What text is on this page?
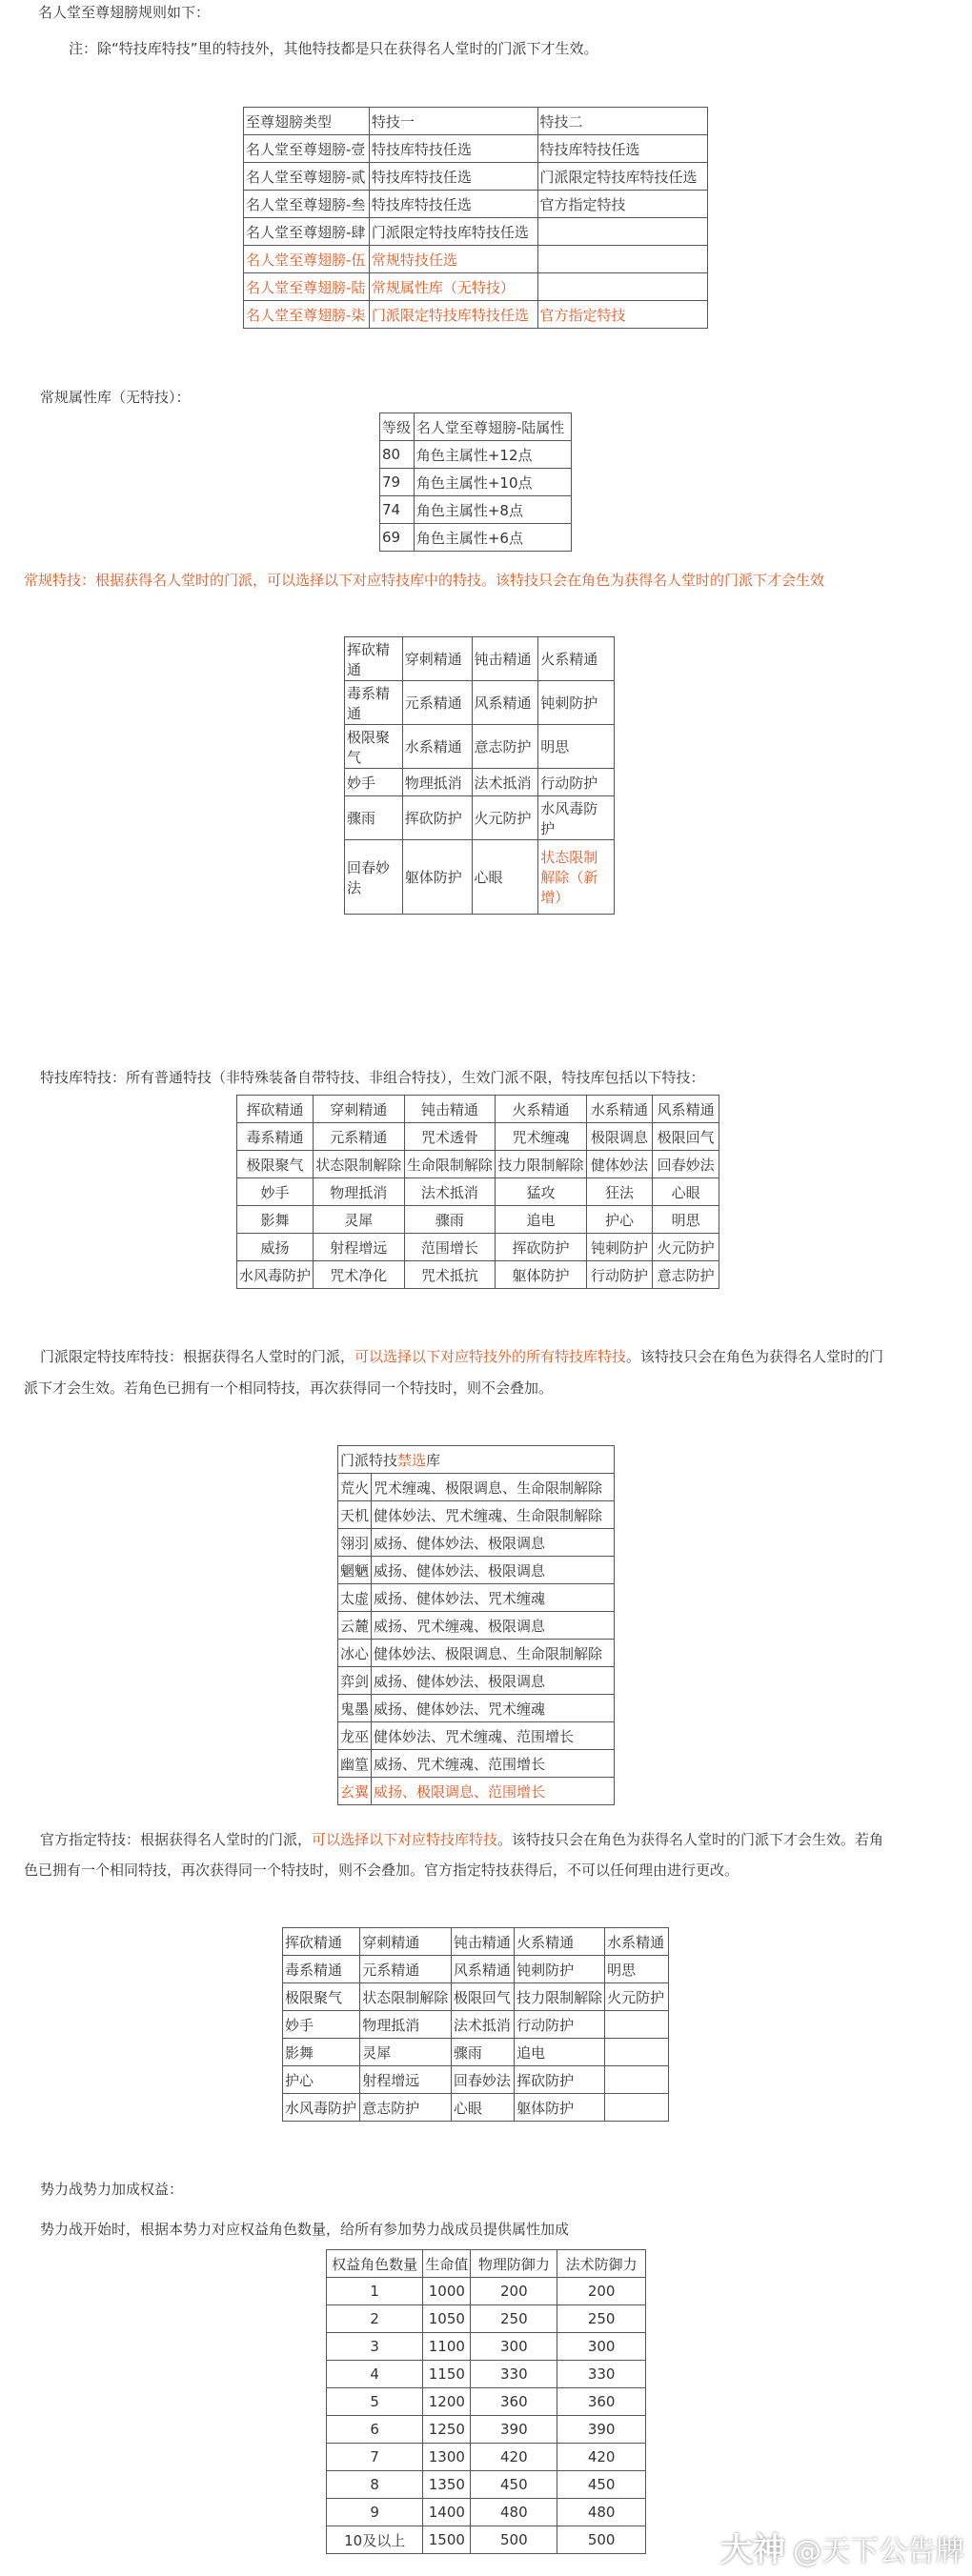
名人堂至尊翅膀规则如下：
注：除“特技库特技”里的特技外，其他特技都是只在获得名人堂时的门派下才生效。
至尊翅膀类型	特技一	特技二
名人堂至尊翅膀-壹	特技库特技任选	特技库特技任选
名人堂至尊翅膀-贰	特技库特技任选	门派限定特技库特技任选
名人堂至尊翅膀-叁	特技库特技任选	官方指定特技
名人堂至尊翅膀-肆	门派限定特技库特技任选	
名人堂至尊翅膀-伍	常规特技任选	
名人堂至尊翅膀-陆	常规属性库（无特技）	
名人堂至尊翅膀-柒	门派限定特技库特技任选	官方指定特技
常规属性库（无特技）：
等级	名人堂至尊翅膀-陆属性
80	角色主属性+12点
79	角色主属性+10点
74	角色主属性+8点
69	角色主属性+6点
常规特技：根据获得名人堂时的门派，可以选择以下对应特技库中的特技。该特技只会在角色为获得名人堂时的门派下才会生效
挥砍精通	穿刺精通	钝击精通	火系精通
毒系精通	元系精通	风系精通	钝刺防护
极限聚气	水系精通	意志防护	明思
妙手	物理抵消	法术抵消	行动防护
骤雨	挥砍防护	火元防护	水风毒防护
回春妙法	躯体防护	心眼	状态限制解除（新增）
特技库特技：所有普通特技（非特殊装备自带特技、非组合特技），生效门派不限，特技库包括以下特技：
挥砍精通	穿刺精通	钝击精通	火系精通	水系精通	风系精通
毒系精通	元系精通	咒术透骨	咒术缠魂	极限调息	极限回气
极限聚气	状态限制解除	生命限制解除	技力限制解除	健体妙法	回春妙法
妙手	物理抵消	法术抵消	猛攻	狂法	心眼
影舞	灵犀	骤雨	追电	护心	明思
威扬	射程增远	范围增长	挥砍防护	钝刺防护	火元防护
水风毒防护	咒术净化	咒术抵抗	躯体防护	行动防护	意志防护
门派限定特技库特技：根据获得名人堂时的门派，可以选择以下对应特技外的所有特技库特技。该特技只会在角色为获得名人堂时的门
派下才会生效。若角色已拥有一个相同特技，再次获得同一个特技时，则不会叠加。
门派特技禁选库	
荒火	咒术缠魂、极限调息、生命限制解除
天机	健体妙法、咒术缠魂、生命限制解除
翎羽	威扬、健体妙法、极限调息
魍魉	威扬、健体妙法、极限调息
太虚	威扬、健体妙法、咒术缠魂
云麓	威扬、咒术缠魂、极限调息
冰心	健体妙法、极限调息、生命限制解除
弈剑	威扬、健体妙法、极限调息
鬼墨	威扬、健体妙法、咒术缠魂
龙巫	健体妙法、咒术缠魂、范围增长
幽篁	威扬、咒术缠魂、范围增长
玄翼	威扬、极限调息、范围增长
官方指定特技：根据获得名人堂时的门派，可以选择以下对应特技库特技。该特技只会在角色为获得名人堂时的门派下才会生效。若角
色已拥有一个相同特技，再次获得同一个特技时，则不会叠加。官方指定特技获得后，不可以任何理由进行更改。
挥砍精通	穿刺精通	钝击精通	火系精通	水系精通
毒系精通	元系精通	风系精通	钝刺防护	明思
极限聚气	状态限制解除	极限回气	技力限制解除	火元防护
妙手	物理抵消	法术抵消	行动防护	
影舞	灵犀	骤雨	追电	
护心	射程增远	回春妙法	挥砍防护	
水风毒防护	意志防护	心眼	躯体防护	
势力战势力加成权益：
势力战开始时，根据本势力对应权益角色数量，给所有参加势力战成员提供属性加成
权益角色数量	生命值	物理防御力	法术防御力
1	1000	200	200
2	1050	250	250
3	1100	300	300
4	1150	330	330
5	1200	360	360
6	1250	390	390
7	1300	420	420
8	1350	450	450
9	1400	480	480
10及以上	1500	500	500	大神 @天下公告牌
